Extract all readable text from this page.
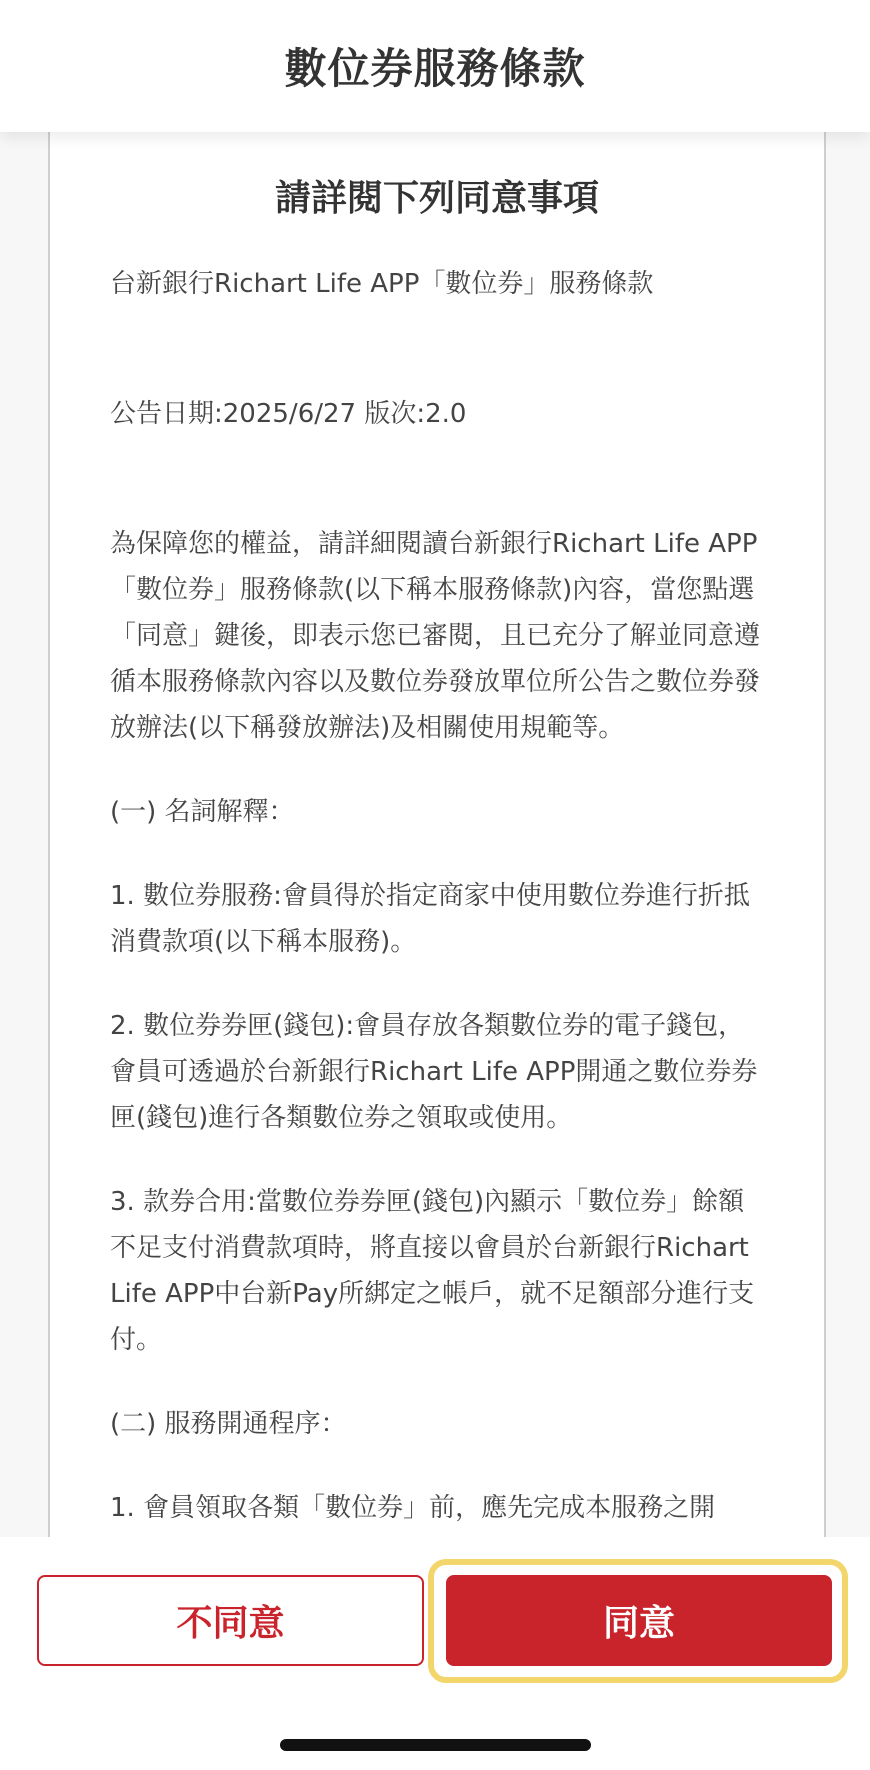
數位券服務條款
請詳閱下列同意事項

台新銀行Richart Life APP「數位券」服務條款

公告日期:2025/6/27 版次:2.0

為保障您的權益，請詳細閱讀台新銀行Richart Life APP「數位券」服務條款(以下稱本服務條款)內容，當您點選「同意」鍵後，即表示您已審閱，且已充分了解並同意遵循本服務條款內容以及數位券發放單位所公告之數位券發放辦法(以下稱發放辦法)及相關使用規範等。

(一) 名詞解釋：

1. 數位券服務:會員得於指定商家中使用數位券進行折抵消費款項(以下稱本服務)。

2. 數位券券匣(錢包):會員存放各類數位券的電子錢包，會員可透過於台新銀行Richart Life APP開通之數位券券匣(錢包)進行各類數位券之領取或使用。

3. 款券合用:當數位券券匣(錢包)內顯示「數位券」餘額不足支付消費款項時，將直接以會員於台新銀行Richart Life APP中台新Pay所綁定之帳戶，就不足額部分進行支付。

(二) 服務開通程序：

1. 會員領取各類「數位券」前，應先完成本服務之開

不同意	同意
